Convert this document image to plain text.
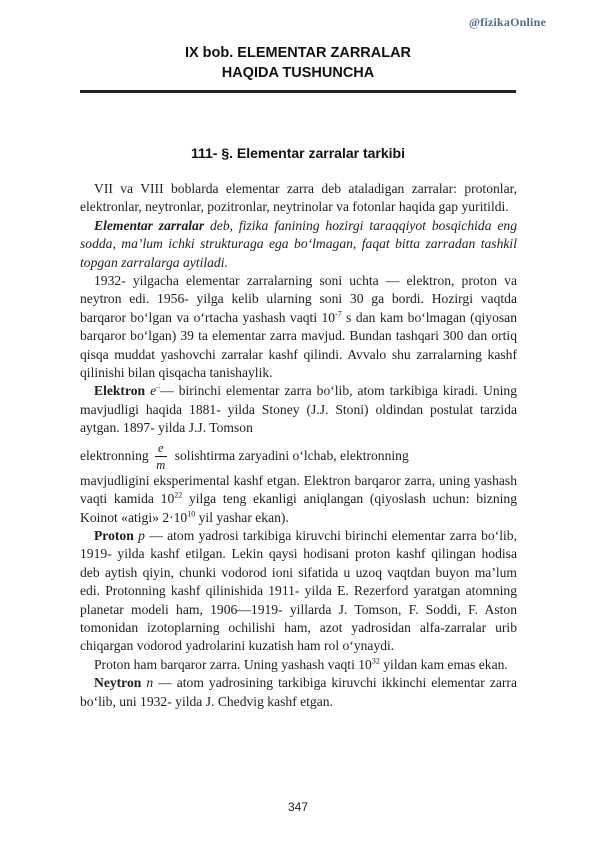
@fizikaOnline
IX bob. ELEMENTAR ZARRALAR
HAQIDA TUSHUNCHA
111- §. Elementar zarralar tarkibi

VII va VIII boblarda elementar zarra deb ataladigan zarralar: protonlar, elektronlar, neytronlar, pozitronlar, neytrinolar va fotonlar haqida gap yuritildi.

Elementar zarralar deb, fizika fanining hozirgi taraqqiyot bosqichida eng sodda, ma’lum ichki strukturaga ega bo‘lmagan, faqat bitta zarradan tashkil topgan zarralarga aytiladi.

1932- yilgacha elementar zarralarning soni uchta — elektron, proton va neytron edi. 1956- yilga kelib ularning soni 30 ga bordi. Hozirgi vaqtda barqaror bo‘lgan va o‘rtacha yashash vaqti $10^{-7}$ s dan kam bo‘lmagan (qiyosan barqaror bo‘lgan) 39 ta elementar zarra mavjud. Bundan tashqari 300 dan ortiq qisqa muddat yashovchi zarralar kashf qilindi. Avvalo shu zarralarning kashf qilinishi bilan qisqacha tanishaylik.

Elektron e–— birinchi elementar zarra bo‘lib, atom tarkibiga kiradi. Uning mavjudligi haqida 1881- yilda Stoney (J.J. Stoni) oldindan postulat tarzida aytgan. 1897- yilda J.J. Tomson

elektronning $\frac{e}{m}$ solishtirma zaryadini o‘lchab, elektronning

mavjudligini eksperimental kashf etgan. Elektron barqaror zarra, uning yashash vaqti kamida $10^{22}$ yilga teng ekanligi aniqlangan (qiyoslash uchun: bizning Koinot «atigi» $2\cdot 10^{10}$ yil yashar ekan).

Proton p — atom yadrosi tarkibiga kiruvchi birinchi elementar zarra bo‘lib, 1919- yilda kashf etilgan. Lekin qaysi hodisani proton kashf qilingan hodisa deb aytish qiyin, chunki vodorod ioni sifatida u uzoq vaqtdan buyon ma’lum edi. Protonning kashf qilinishida 1911- yilda E. Rezerford yaratgan atomning planetar modeli ham, 1906—1919- yillarda J. Tomson, F. Soddi, F. Aston tomonidan izotoplarning ochilishi ham, azot yadrosidan alfa-zarralar urib chiqargan vodorod yadrolarini kuzatish ham rol o‘ynaydi.

Proton ham barqaror zarra. Uning yashash vaqti $10^{32}$ yildan kam emas ekan.

Neytron n — atom yadrosining tarkibiga kiruvchi ikkinchi elementar zarra bo‘lib, uni 1932- yilda J. Chedvig kashf etgan.

347
